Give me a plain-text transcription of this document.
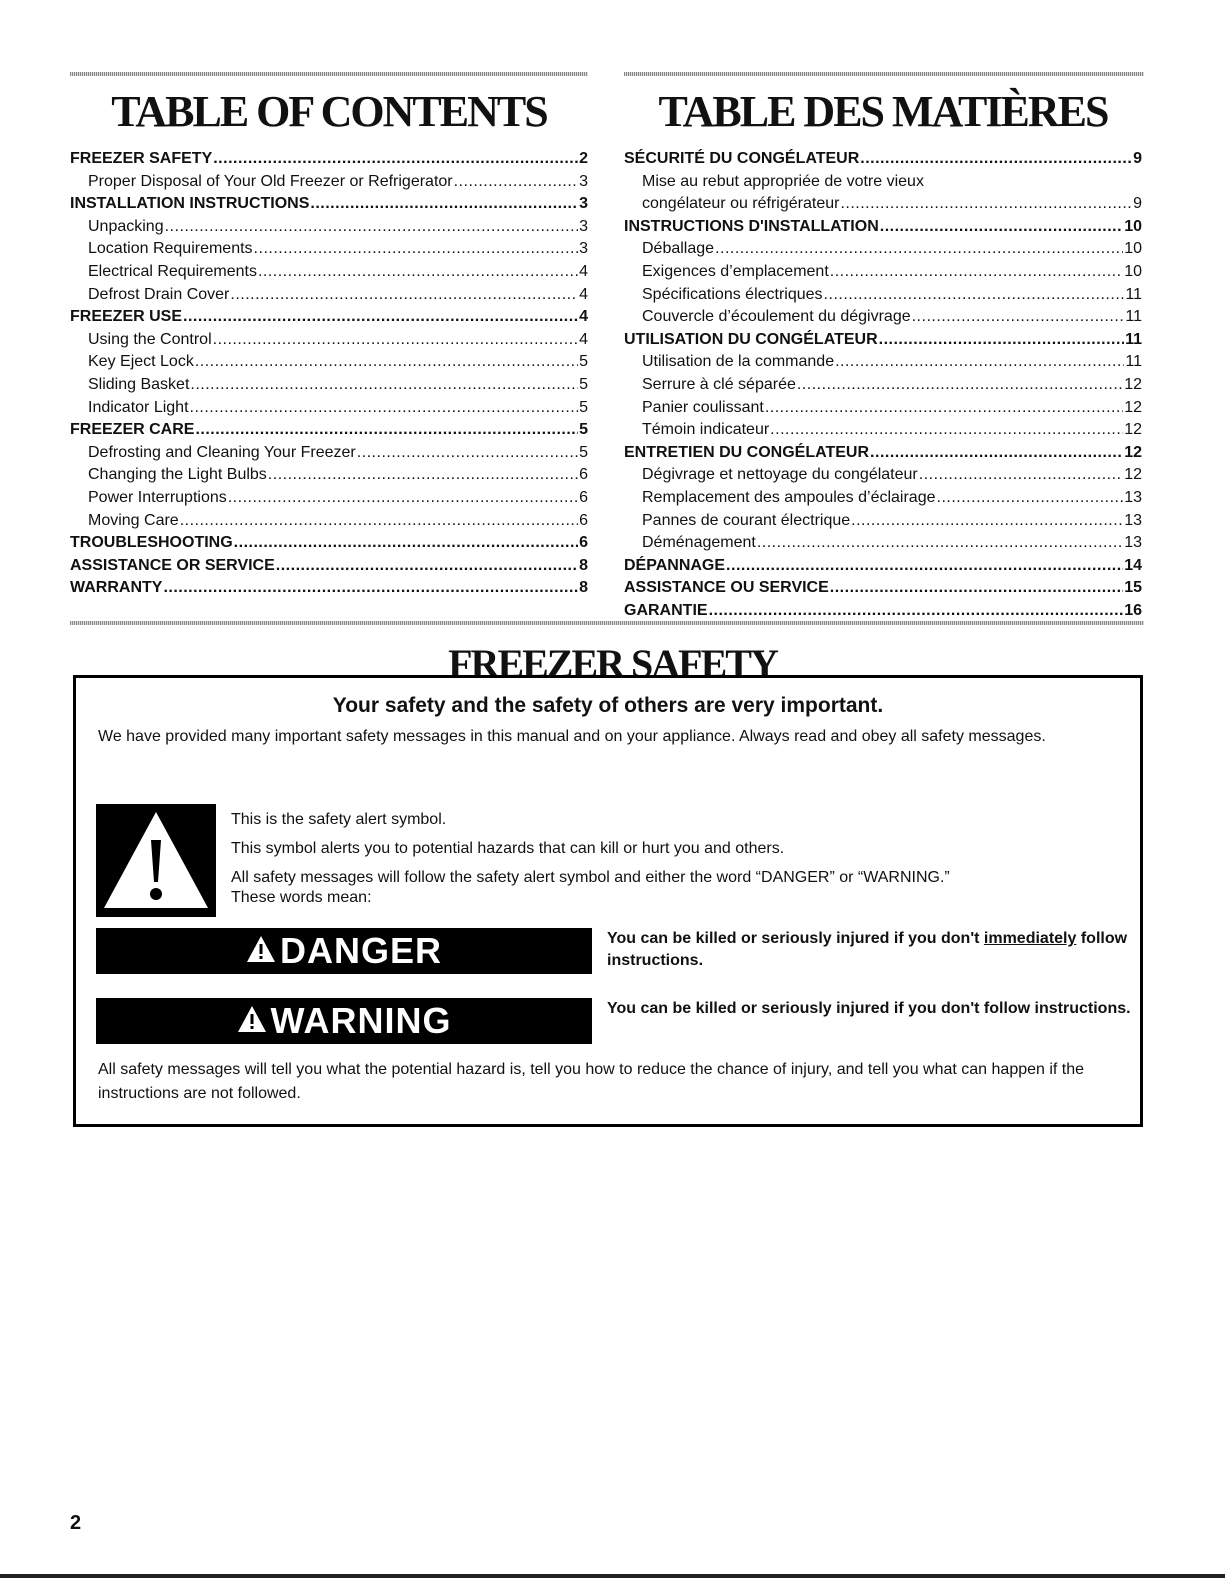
TABLE OF CONTENTS
FREEZER SAFETY .....	2
Proper Disposal of Your Old Freezer or Refrigerator .....	3
INSTALLATION INSTRUCTIONS .....	3
Unpacking .....	3
Location Requirements .....	3
Electrical Requirements .....	4
Defrost Drain Cover .....	4
FREEZER USE .....	4
Using the Control .....	4
Key Eject Lock .....	5
Sliding Basket .....	5
Indicator Light .....	5
FREEZER CARE .....	5
Defrosting and Cleaning Your Freezer .....	5
Changing the Light Bulbs .....	6
Power Interruptions .....	6
Moving Care .....	6
TROUBLESHOOTING .....	6
ASSISTANCE OR SERVICE .....	8
WARRANTY .....	8
TABLE DES MATIÈRES
SÉCURITÉ DU CONGÉLATEUR .....	9
Mise au rebut appropriée de votre vieux
congélateur ou réfrigérateur .....	9
INSTRUCTIONS D'INSTALLATION .....	10
Déballage .....	10
Exigences d’emplacement .....	10
Spécifications électriques .....	11
Couvercle d’écoulement du dégivrage .....	11
UTILISATION DU CONGÉLATEUR .....	11
Utilisation de la commande .....	11
Serrure à clé séparée .....	12
Panier coulissant .....	12
Témoin indicateur .....	12
ENTRETIEN DU CONGÉLATEUR .....	12
Dégivrage et nettoyage du congélateur .....	12
Remplacement des ampoules d’éclairage .....	13
Pannes de courant électrique .....	13
Déménagement .....	13
DÉPANNAGE .....	14
ASSISTANCE OU SERVICE .....	15
GARANTIE .....	16
FREEZER SAFETY

Your safety and the safety of others are very important.

We have provided many important safety messages in this manual and on your appliance. Always read and obey all safety messages.

This is the safety alert symbol.

This symbol alerts you to potential hazards that can kill or hurt you and others.

All safety messages will follow the safety alert symbol and either the word “DANGER” or “WARNING.”

These words mean:

DANGER	You can be killed or seriously injured if you don't immediately follow instructions.

WARNING	You can be killed or seriously injured if you don't follow instructions.

All safety messages will tell you what the potential hazard is, tell you how to reduce the chance of injury, and tell you what can happen if the instructions are not followed.

2
